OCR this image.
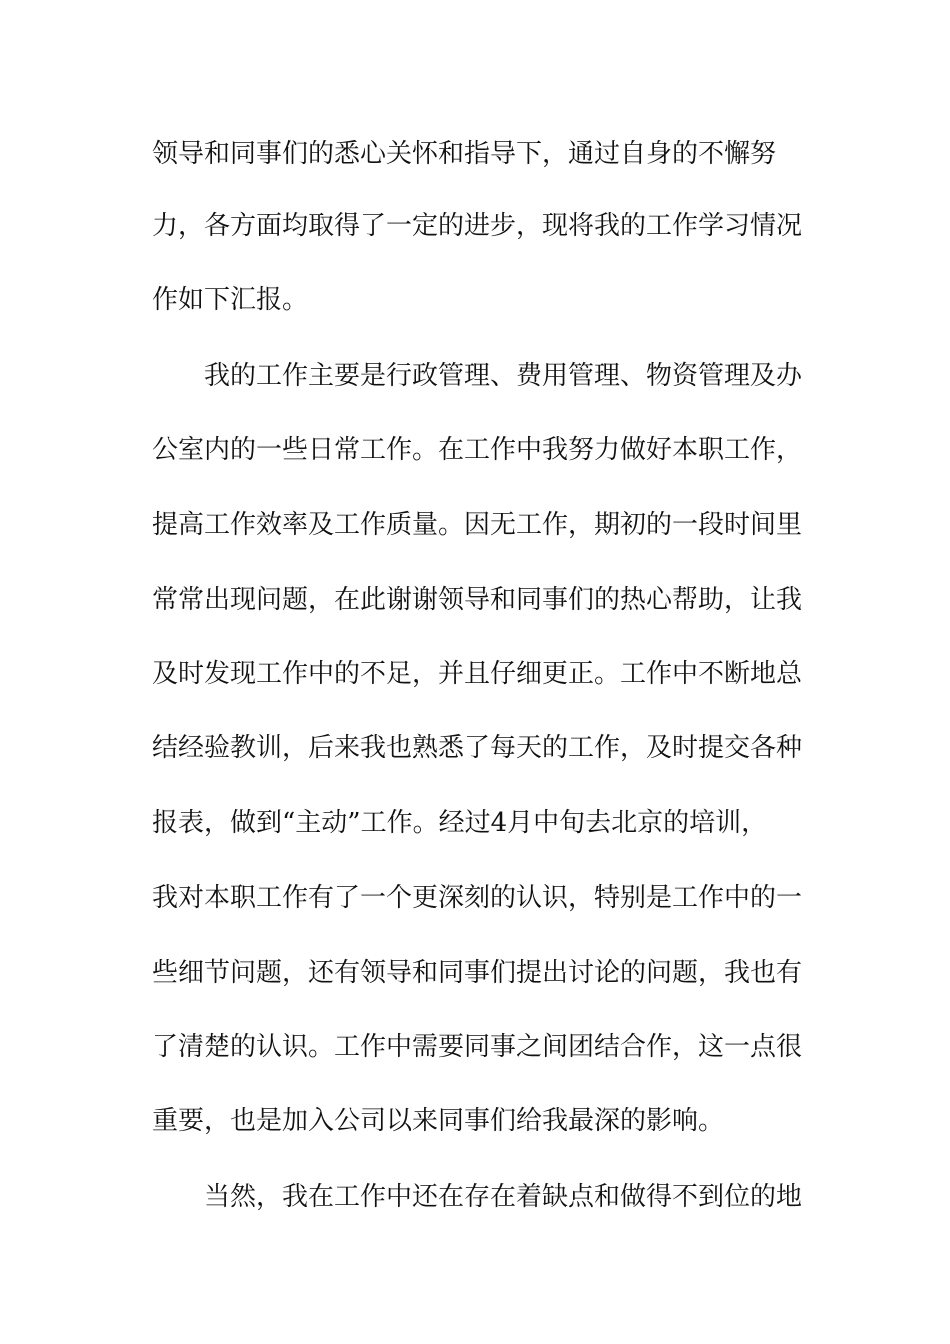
领导和同事们的悉心关怀和指导下，通过自身的不懈努
力，各方面均取得了一定的进步，现将我的工作学习情况
作如下汇报。
我的工作主要是行政管理、费用管理、物资管理及办
公室内的一些日常工作。在工作中我努力做好本职工作，
提高工作效率及工作质量。因无工作，期初的一段时间里
常常出现问题，在此谢谢领导和同事们的热心帮助，让我
及时发现工作中的不足，并且仔细更正。工作中不断地总
结经验教训，后来我也熟悉了每天的工作，及时提交各种
报表，做到“主动”工作。经过4月中旬去北京的培训，
我对本职工作有了一个更深刻的认识，特别是工作中的一
些细节问题，还有领导和同事们提出讨论的问题，我也有
了清楚的认识。工作中需要同事之间团结合作，这一点很
重要，也是加入公司以来同事们给我最深的影响。
当然，我在工作中还在存在着缺点和做得不到位的地
